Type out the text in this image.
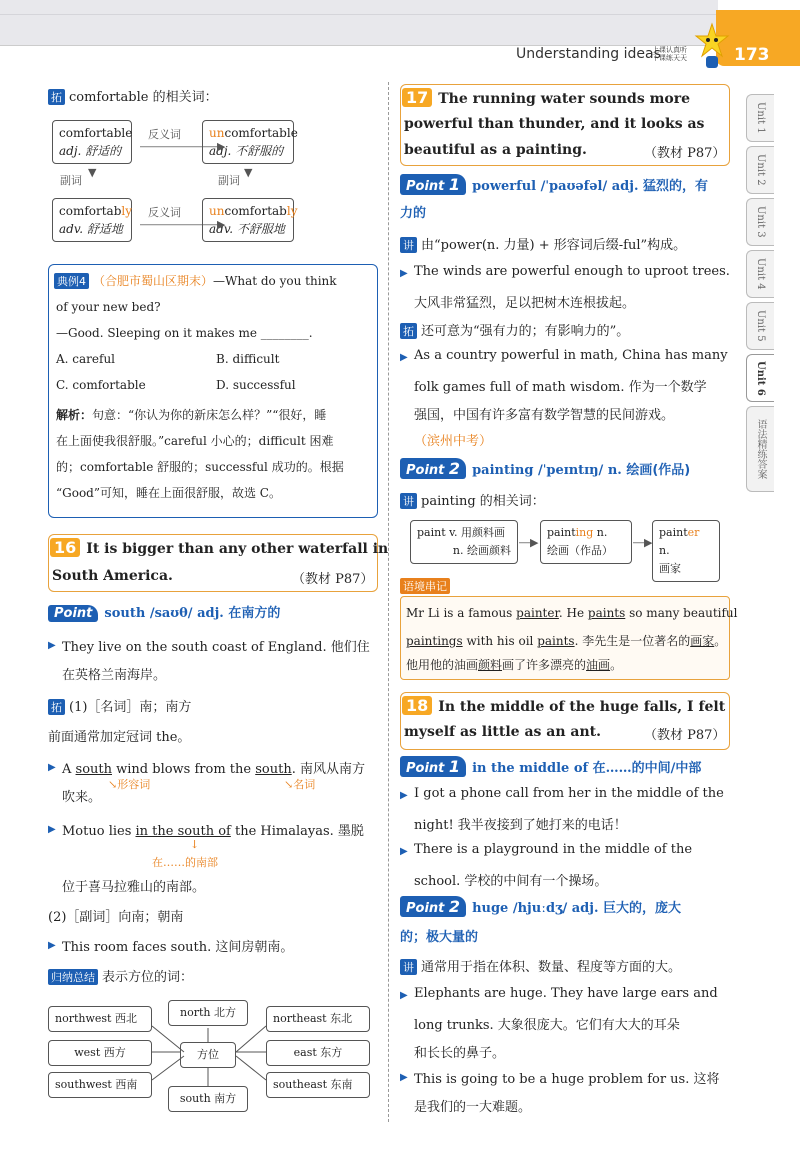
Understanding ideas
上课认真听
下课练天天	173
Unit 1
Unit 2
Unit 3
Unit 4
Unit 5
Unit 6
语法精练答案
拓 comfortable 的相关词：
comfortable
adj. 舒适的
uncomfortable
adj. 不舒服的
comfortably
adv. 舒适地
uncomfortably
adv. 不舒服地
反义词
―――――――▶
反义词
―――――――▶
副词
▼
副词
▼
典例4 （合肥市蜀山区期末）—What do you think
of your new bed?
—Good. Sleeping on it makes me ________.
A. careful	B. difficult
C. comfortable	D. successful
解析：句意：“你认为你的新床怎么样？”“很好，睡
在上面使我很舒服。”careful 小心的；difficult 困难
的；comfortable 舒服的；successful 成功的。根据
“Good”可知，睡在上面很舒服，故选 C。
16 It is bigger than any other waterfall in
South America.	（教材 P87）
Point south /saʊθ/ adj. 在南方的
▶ They live on the south coast of England. 他们住
在英格兰南海岸。
拓 (1)［名词］南；南方
前面通常加定冠词 the。
▶ A south wind blows from the south. 南风从南方
吹来。
↘形容词	↘名词
▶ Motuo lies in the south of the Himalayas. 墨脱
↓
在……的南部
位于喜马拉雅山的南部。
(2)［副词］向南；朝南
▶ This room faces south. 这间房朝南。
归纳总结 表示方位的词：
northwest 西北
west 西方
southwest 西南
north 北方
方位
south 南方
northeast 东北
east 东方
southeast 东南
17 The running water sounds more
powerful than thunder, and it looks as
beautiful as a painting.	（教材 P87）
Point 1 powerful /ˈpaʊəfəl/ adj. 猛烈的，有
力的
讲 由“power(n. 力量) + 形容词后缀-ful”构成。
▶ The winds are powerful enough to uproot trees.
大风非常猛烈，足以把树木连根拔起。
拓 还可意为“强有力的；有影响力的”。
▶ As a country powerful in math, China has many
folk games full of math wisdom. 作为一个数学
强国，中国有许多富有数学智慧的民间游戏。
（滨州中考）
Point 2 painting /ˈpeɪntɪŋ/ n. 绘画(作品)
讲 painting 的相关词：
paint v. 用颜料画
n. 绘画颜料
painting n.
绘画（作品）
painter n.
画家
―▶	―▶
语境串记
Mr Li is a famous painter. He paints so many beautiful
paintings with his oil paints. 李先生是一位著名的画家。
他用他的油画颜料画了许多漂亮的油画。
18 In the middle of the huge falls, I felt
myself as little as an ant.	（教材 P87）
Point 1 in the middle of 在……的中间/中部
▶ I got a phone call from her in the middle of the
night! 我半夜接到了她打来的电话！
▶ There is a playground in the middle of the
school. 学校的中间有一个操场。
Point 2 huge /hjuːdʒ/ adj. 巨大的，庞大
的；极大量的
讲 通常用于指在体积、数量、程度等方面的大。
▶ Elephants are huge. They have large ears and
long trunks. 大象很庞大。它们有大大的耳朵
和长长的鼻子。
▶ This is going to be a huge problem for us. 这将
是我们的一大难题。
